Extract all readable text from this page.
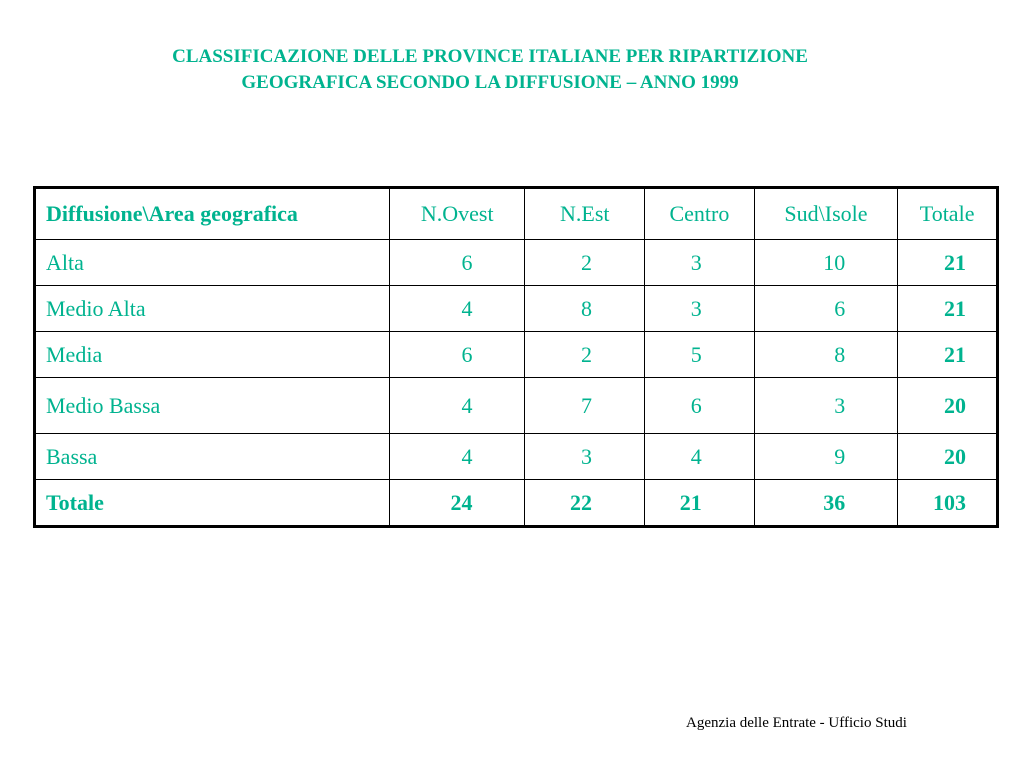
CLASSIFICAZIONE DELLE PROVINCE ITALIANE PER RIPARTIZIONE
GEOGRAFICA SECONDO LA DIFFUSIONE – ANNO 1999
Diffusione\Area geografica	N.Ovest	N.Est	Centro	Sud\Isole	Totale
Alta	6	2	3	10	21
Medio Alta	4	8	3	6	21
Media	6	2	5	8	21
Medio Bassa	4	7	6	3	20
Bassa	4	3	4	9	20
Totale	24	22	21	36	103
Agenzia delle Entrate - Ufficio Studi
